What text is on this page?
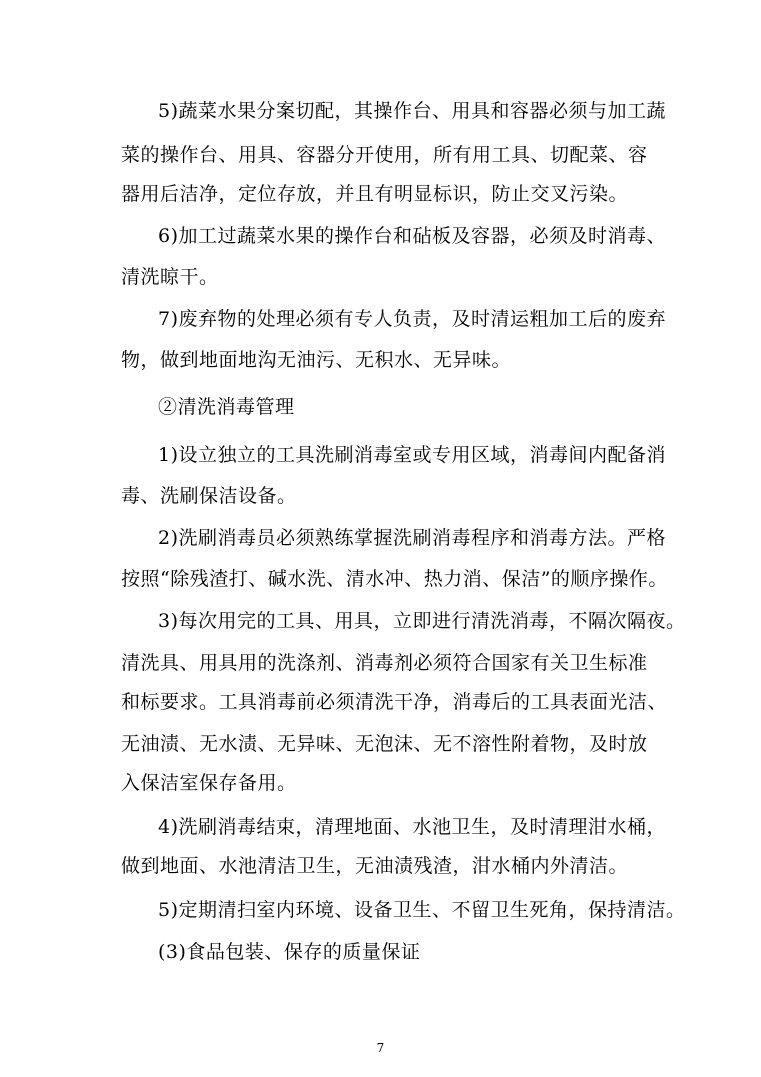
5)蔬菜水果分案切配，其操作台、用具和容器必须与加工蔬
菜的操作台、用具、容器分开使用，所有用工具、切配菜、容
器用后洁净，定位存放，并且有明显标识，防止交叉污染。
6)加工过蔬菜水果的操作台和砧板及容器，必须及时消毒、
清洗晾干。
7)废弃物的处理必须有专人负责，及时清运粗加工后的废弃
物，做到地面地沟无油污、无积水、无异味。
②清洗消毒管理
1)设立独立的工具洗刷消毒室或专用区域，消毒间内配备消
毒、洗刷保洁设备。
2)洗刷消毒员必须熟练掌握洗刷消毒程序和消毒方法。严格
按照“除残渣打、碱水洗、清水冲、热力消、保洁”的顺序操作。
3)每次用完的工具、用具，立即进行清洗消毒，不隔次隔夜。
清洗具、用具用的洗涤剂、消毒剂必须符合国家有关卫生标准
和标要求。工具消毒前必须清洗干净，消毒后的工具表面光洁、
无油渍、无水渍、无异味、无泡沫、无不溶性附着物，及时放
入保洁室保存备用。
4)洗刷消毒结束，清理地面、水池卫生，及时清理泔水桶，
做到地面、水池清洁卫生，无油渍残渣，泔水桶内外清洁。
5)定期清扫室内环境、设备卫生、不留卫生死角，保持清洁。
(3)食品包装、保存的质量保证
7
